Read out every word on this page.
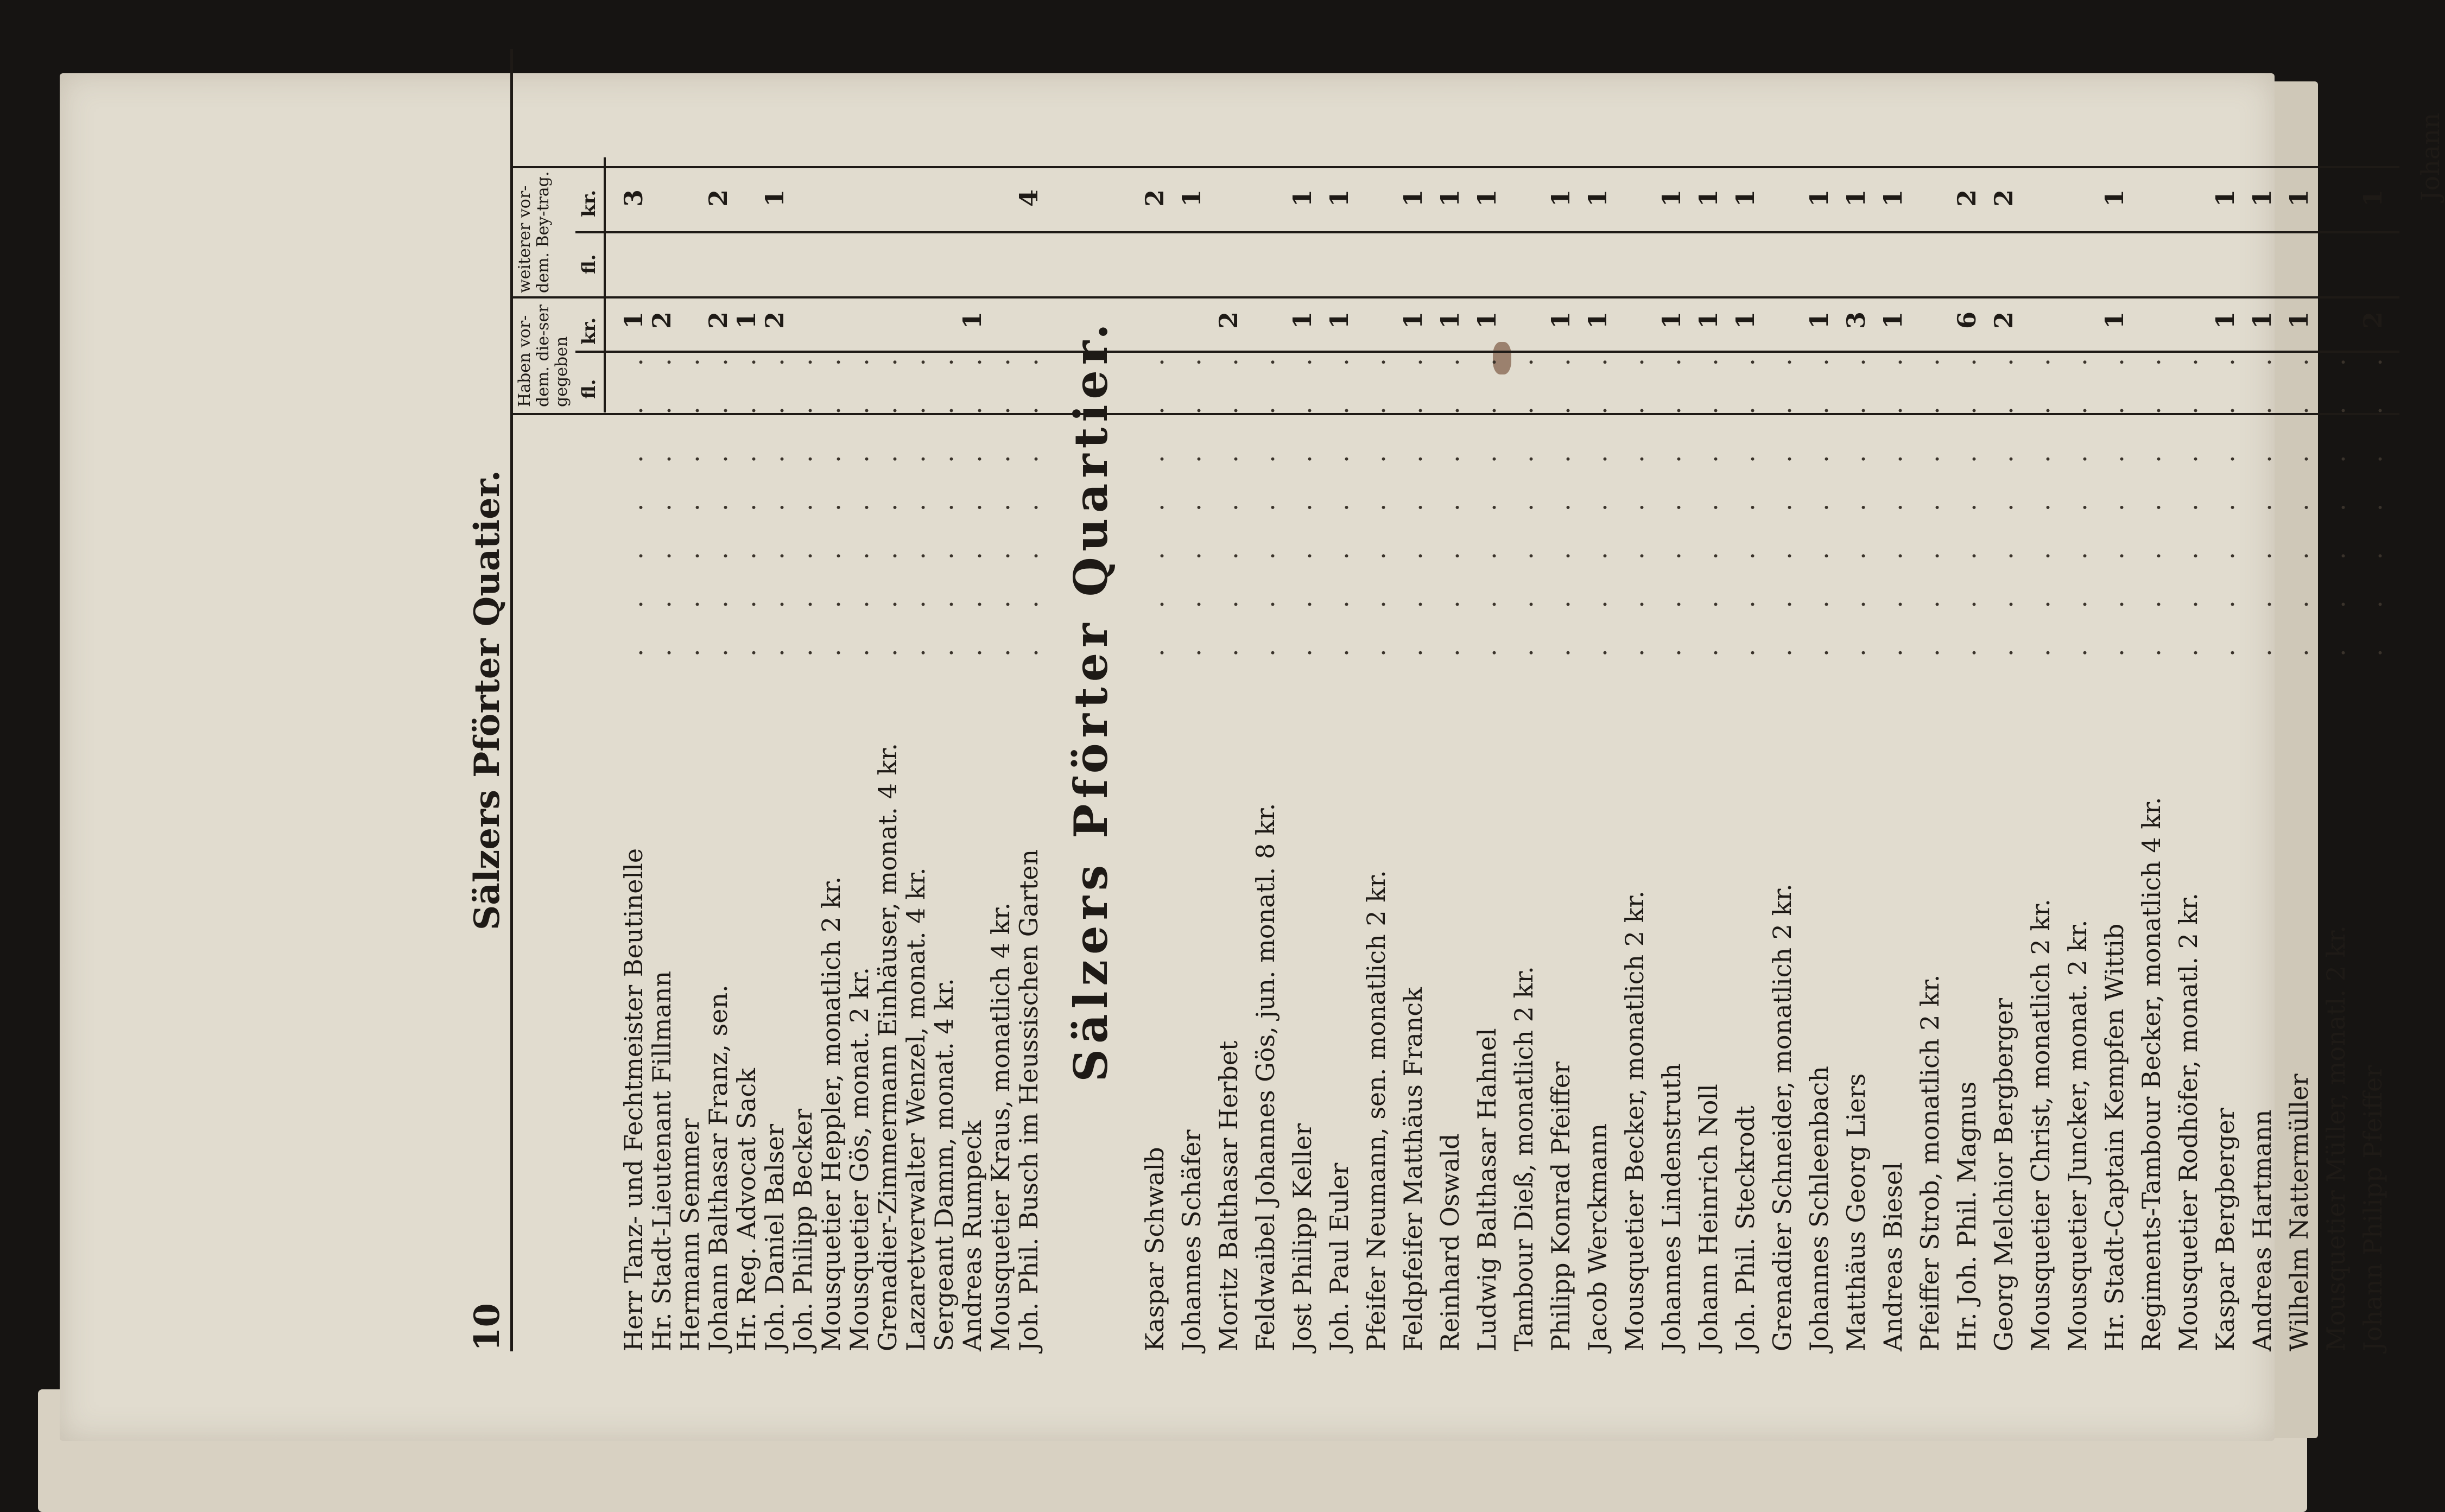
10
Sälzers Pförter Quatier.
Haben vor-dem. die-ser gegeben
weiterer vor-dem. Bey-trag.
fl.
kr.
fl.
kr.
Herr Tanz- und Fechtmeister Beutinelle
. . . . . . .
1
3
Hr. Stadt-Lieutenant Fillmann
. . . . . . .
2
Hermann Semmer
. . . . . . .
Johann Balthasar Franz, sen.
. . . . . . .
2
2
Hr. Reg. Advocat Sack
. . . . . . .
1
Joh. Daniel Balser
. . . . . . .
2
1
Joh. Philipp Becker
. . . . . . .
Mousquetier Heppler, monatlich 2 kr.
. . . . . . .
Mousquetier Gös, monat. 2 kr.
. . . . . . .
Grenadier-Zimmermann Einhäuser, monat. 4 kr.
. . . . . . .
Lazaretverwalter Wenzel, monat. 4 kr.
. . . . . . .
Sergeant Damm, monat. 4 kr.
. . . . . . .
Andreas Rumpeck
. . . . . . .
1
Mousquetier Kraus, monatlich 4 kr.
. . . . . . .
Joh. Phil. Busch im Heussischen Garten
. . . . . . .
4
Sälzers Pförter Quartier.
Kaspar Schwalb
. . . . . . .
2
Johannes Schäfer
. . . . . . .
1
Moritz Balthasar Herbet
. . . . . . .
2
Feldwaibel Johannes Gös, jun. monatl. 8 kr.
. . . . . . .
Jost Philipp Keller
. . . . . . .
1
1
Joh. Paul Euler
. . . . . . .
1
1
Pfeifer Neumann, sen. monatlich 2 kr.
. . . . . . .
Feldpfeifer Matthäus Franck
. . . . . . .
1
1
Reinhard Oswald
. . . . . . .
1
1
Ludwig Balthasar Hahnel
. . . . . . .
1
1
Tambour Dieß, monatlich 2 kr.
. . . . . . .
Philipp Konrad Pfeiffer
. . . . . . .
1
1
Jacob Werckmann
. . . . . . .
1
1
Mousquetier Becker, monatlich 2 kr.
. . . . . . .
Johannes Lindenstruth
. . . . . . .
1
1
Johann Heinrich Noll
. . . . . . .
1
1
Joh. Phil. Steckrodt
. . . . . . .
1
1
Grenadier Schneider, monatlich 2 kr.
. . . . . . .
Johannes Schleenbach
. . . . . . .
1
1
Matthäus Georg Liers
. . . . . . .
3
1
Andreas Biesel
. . . . . . .
1
1
Pfeiffer Strob, monatlich 2 kr.
. . . . . . .
Hr. Joh. Phil. Magnus
. . . . . . .
6
2
Georg Melchior Bergberger
. . . . . . .
2
2
Mousquetier Christ, monatlich 2 kr.
. . . . . . .
Mousquetier Juncker, monat. 2 kr.
. . . . . . .
Hr. Stadt-Captain Kempfen Wittib
. . . . . . .
1
1
Regiments-Tambour Becker, monatlich 4 kr.
. . . . . . .
Mousquetier Rodhöfer, monatl. 2 kr.
. . . . . . .
Kaspar Bergberger
. . . . . . .
1
1
Andreas Hartmann
. . . . . . .
1
1
Wilhelm Nattermüller
. . . . . . .
1
1
Mousquetier Müller, monatl. 2 kr.
. . . . . . .
Johann Philipp Pfeiffer
. . . . . . .
2
1 Johann
